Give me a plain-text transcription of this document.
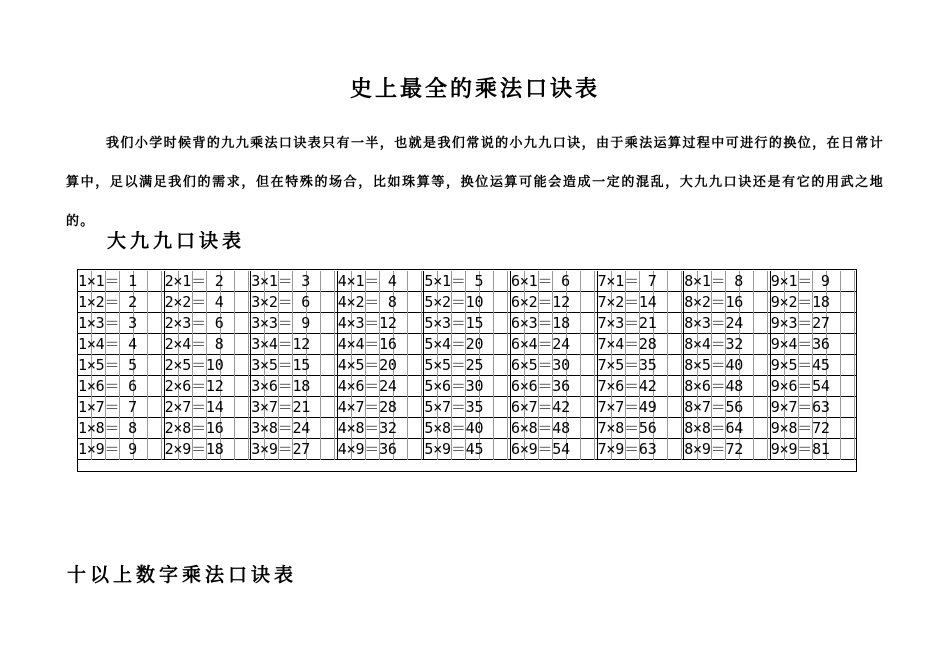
史上最全的乘法口诀表
我们小学时候背的九九乘法口诀表只有一半，也就是我们常说的小九九口诀，由于乘法运算过程中可进行的换位，在日常计算中，足以满足我们的需求，但在特殊的场合，比如珠算等，换位运算可能会造成一定的混乱，大九九口诀还是有它的用武之地的。
大九九口诀表
1×1＝ 1	2×1＝ 2	3×1＝ 3	4×1＝ 4	5×1＝ 5	6×1＝ 6	7×1＝ 7	8×1＝ 8	9×1＝ 9
1×2＝ 2	2×2＝ 4	3×2＝ 6	4×2＝ 8	5×2＝10	6×2＝12	7×2＝14	8×2＝16	9×2＝18
1×3＝ 3	2×3＝ 6	3×3＝ 9	4×3＝12	5×3＝15	6×3＝18	7×3＝21	8×3＝24	9×3＝27
1×4＝ 4	2×4＝ 8	3×4＝12	4×4＝16	5×4＝20	6×4＝24	7×4＝28	8×4＝32	9×4＝36
1×5＝ 5	2×5＝10	3×5＝15	4×5＝20	5×5＝25	6×5＝30	7×5＝35	8×5＝40	9×5＝45
1×6＝ 6	2×6＝12	3×6＝18	4×6＝24	5×6＝30	6×6＝36	7×6＝42	8×6＝48	9×6＝54
1×7＝ 7	2×7＝14	3×7＝21	4×7＝28	5×7＝35	6×7＝42	7×7＝49	8×7＝56	9×7＝63
1×8＝ 8	2×8＝16	3×8＝24	4×8＝32	5×8＝40	6×8＝48	7×8＝56	8×8＝64	9×8＝72
1×9＝ 9	2×9＝18	3×9＝27	4×9＝36	5×9＝45	6×9＝54	7×9＝63	8×9＝72	9×9＝81
十以上数字乘法口诀表
